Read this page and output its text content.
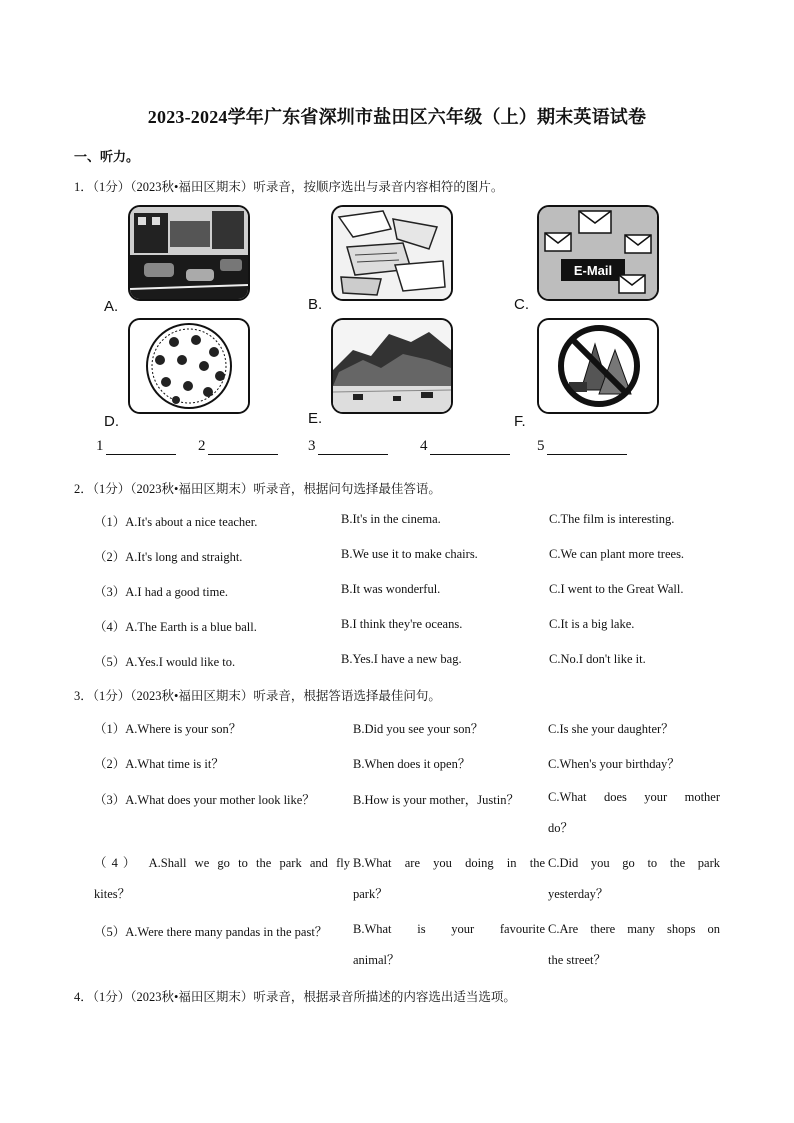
2023-2024学年广东省深圳市盐田区六年级（上）期末英语试卷
一、听力。
1．（1分）（2023秋•福田区期末）听录音，按顺序选出与录音内容相符的图片。
A.	B.
E-Mail
C.
D.	E.	F.
1	2	3	4	5
2．（1分）（2023秋•福田区期末）听录音，根据问句选择最佳答语。
（1）A.It's about a nice teacher.	B.It's in the cinema.	C.The film is interesting.
（2）A.It's long and straight.	B.We use it to make chairs.	C.We can plant more trees.
（3）A.I had a good time.	B.It was wonderful.	C.I went to the Great Wall.
（4）A.The Earth is a blue ball.	B.I think they're oceans.	C.It is a big lake.
（5）A.Yes.I would like to.	B.Yes.I have a new bag.	C.No.I don't like it.
3．（1分）（2023秋•福田区期末）听录音，根据答语选择最佳问句。
（1）A.Where is your son？	B.Did you see your son？	C.Is she your daughter？
（2）A.What time is it？	B.When does it open？	C.When's your birthday？
（3）A.What does your mother look like？	B.How is your mother，Justin？ C.What does your mother
do？
（4） A.Shall we go to the park and fly
kites？
B.What are you doing in the
park？
C.Did you go to the park
yesterday？
（5）A.Were there many pandas in the past？ B.What is your favourite
animal？
C.Are there many shops on
the street？
4．（1分）（2023秋•福田区期末）听录音，根据录音所描述的内容选出适当选项。
